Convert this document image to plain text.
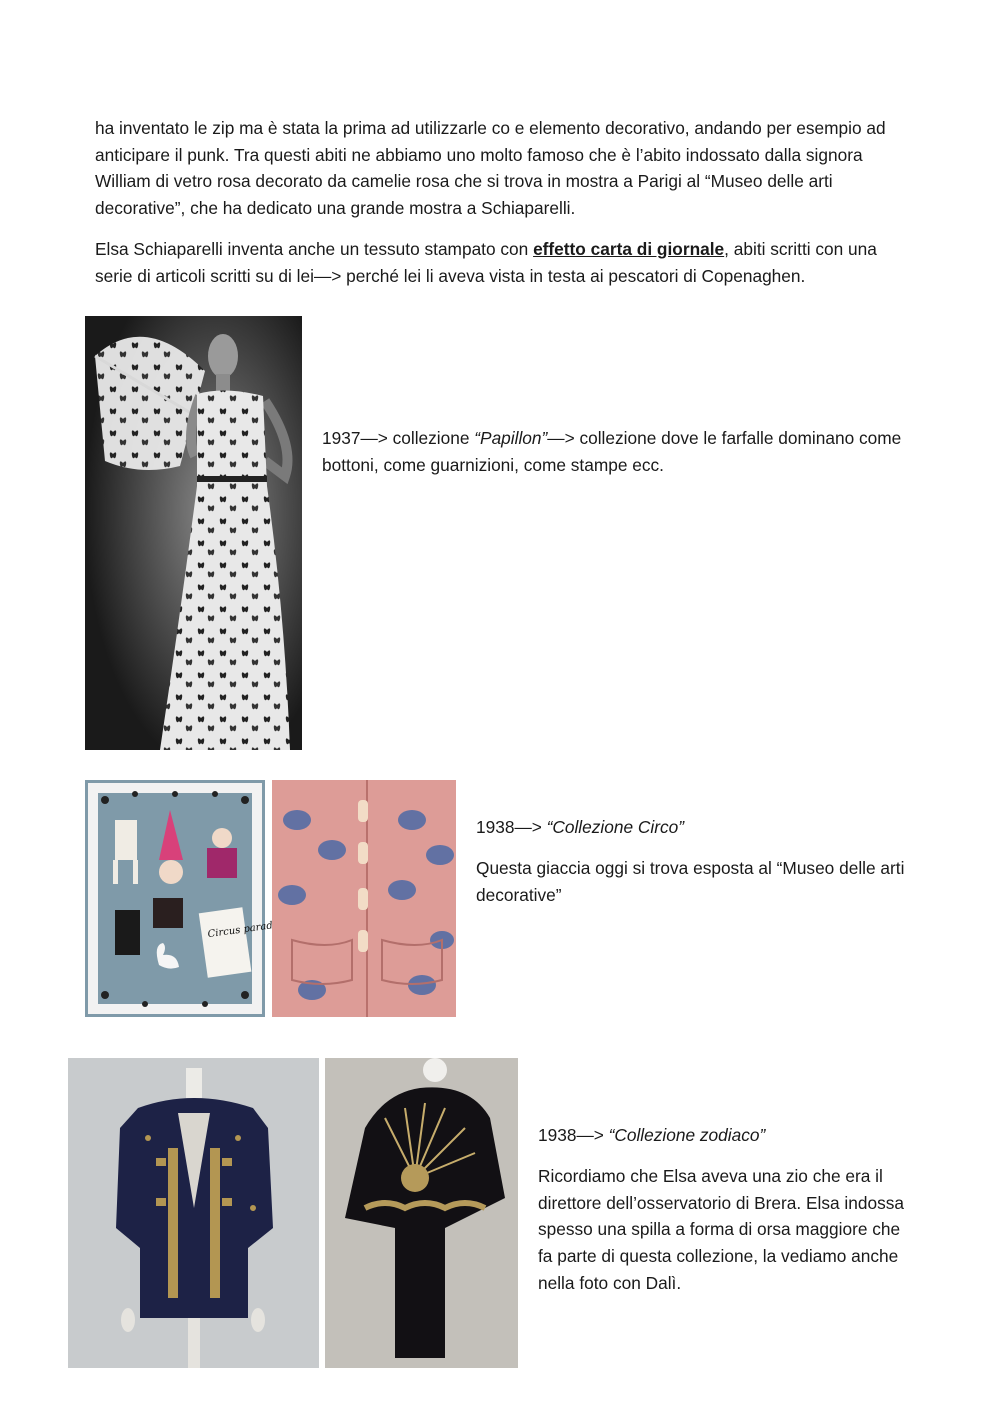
ha inventato le zip ma è stata la prima ad utilizzarle co e elemento decorativo, andando per esempio ad anticipare il punk. Tra questi abiti ne abbiamo uno molto famoso che è l’abito indossato dalla signora William di vetro rosa decorato da camelie rosa che si trova in mostra a Parigi al “Museo delle arti decorative”, che ha dedicato una grande mostra a Schiaparelli.

Elsa Schiaparelli inventa anche un tessuto stampato con effetto carta di giornale, abiti scritti con una serie di articoli scritti su di lei—> perché lei li aveva vista in testa ai pescatori di Copenaghen.

1937—> collezione “Papillon”—> collezione dove le farfalle dominano come bottoni, come guarnizioni, come stampe ecc.

Circus parade

1938—> “Collezione Circo”

Questa giaccia oggi si trova esposta al “Museo delle arti decorative”

1938—> “Collezione zodiaco”

Ricordiamo che Elsa aveva una zio che era il direttore dell’osservatorio di Brera. Elsa indossa spesso una spilla a forma di orsa maggiore che fa parte di questa collezione, la vediamo anche nella foto con Dalì.
